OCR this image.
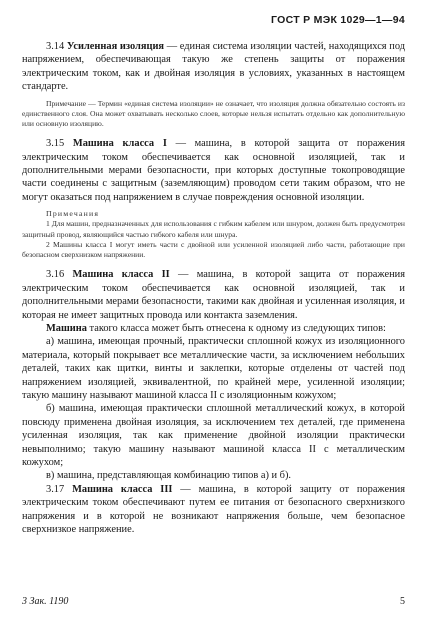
ГОСТ Р МЭК 1029—1—94

3.14 Усиленная изоляция — единая система изоляции частей, находящихся под напряжением, обеспечивающая такую же степень защиты от поражения электрическим током, как и двойная изоляция в условиях, указанных в настоящем стандарте.

Примечание — Термин «единая система изоляции» не означает, что изоляция должна обязательно состоять из единственного слоя. Она может охватывать несколько слоев, которые нельзя испытать отдельно как дополнительную или основную изоляцию.

3.15 Машина класса I — машина, в которой защита от поражения электрическим током обеспечивается как основной изоляцией, так и дополнительными мерами безопасности, при которых доступные токопроводящие части соединены с защитным (заземляющим) проводом сети таким образом, что не могут оказаться под напряжением в случае повреждения основной изоляции.

Примечания

1 Для машин, предназначенных для использования с гибким кабелем или шнуром, должен быть предусмотрен защитный провод, являющийся частью гибкого кабеля или шнура.

2 Машины класса I могут иметь части с двойной или усиленной изоляцией либо части, работающие при безопасном сверхнизком напряжении.

3.16 Машина класса II — машина, в которой защита от поражения электрическим током обеспечивается как основной изоляцией, так и дополнительными мерами безопасности, такими как двойная и усиленная изоляция, и которая не имеет защитных провода или контакта заземления.

Машина такого класса может быть отнесена к одному из следующих типов:

а) машина, имеющая прочный, практически сплошной кожух из изоляционного материала, который покрывает все металлические части, за исключением небольших деталей, таких как щитки, винты и заклепки, которые отделены от частей под напряжением изоляцией, эквивалентной, по крайней мере, усиленной изоляции; такую машину называют машиной класса II с изоляционным кожухом;

б) машина, имеющая практически сплошной металлический кожух, в которой повсюду применена двойная изоляция, за исключением тех деталей, где применена усиленная изоляция, так как применение двойной изоляции практически невыполнимо; такую машину называют машиной класса II с металлическим кожухом;

в) машина, представляющая комбинацию типов а) и б).

3.17 Машина класса III — машина, в которой защиту от поражения электрическим током обеспечивают путем ее питания от безопасного сверхнизкого напряжения и в которой не возникают напряжения больше, чем безопасное сверхнизкое напряжение.

3 Зак. 1190	5
